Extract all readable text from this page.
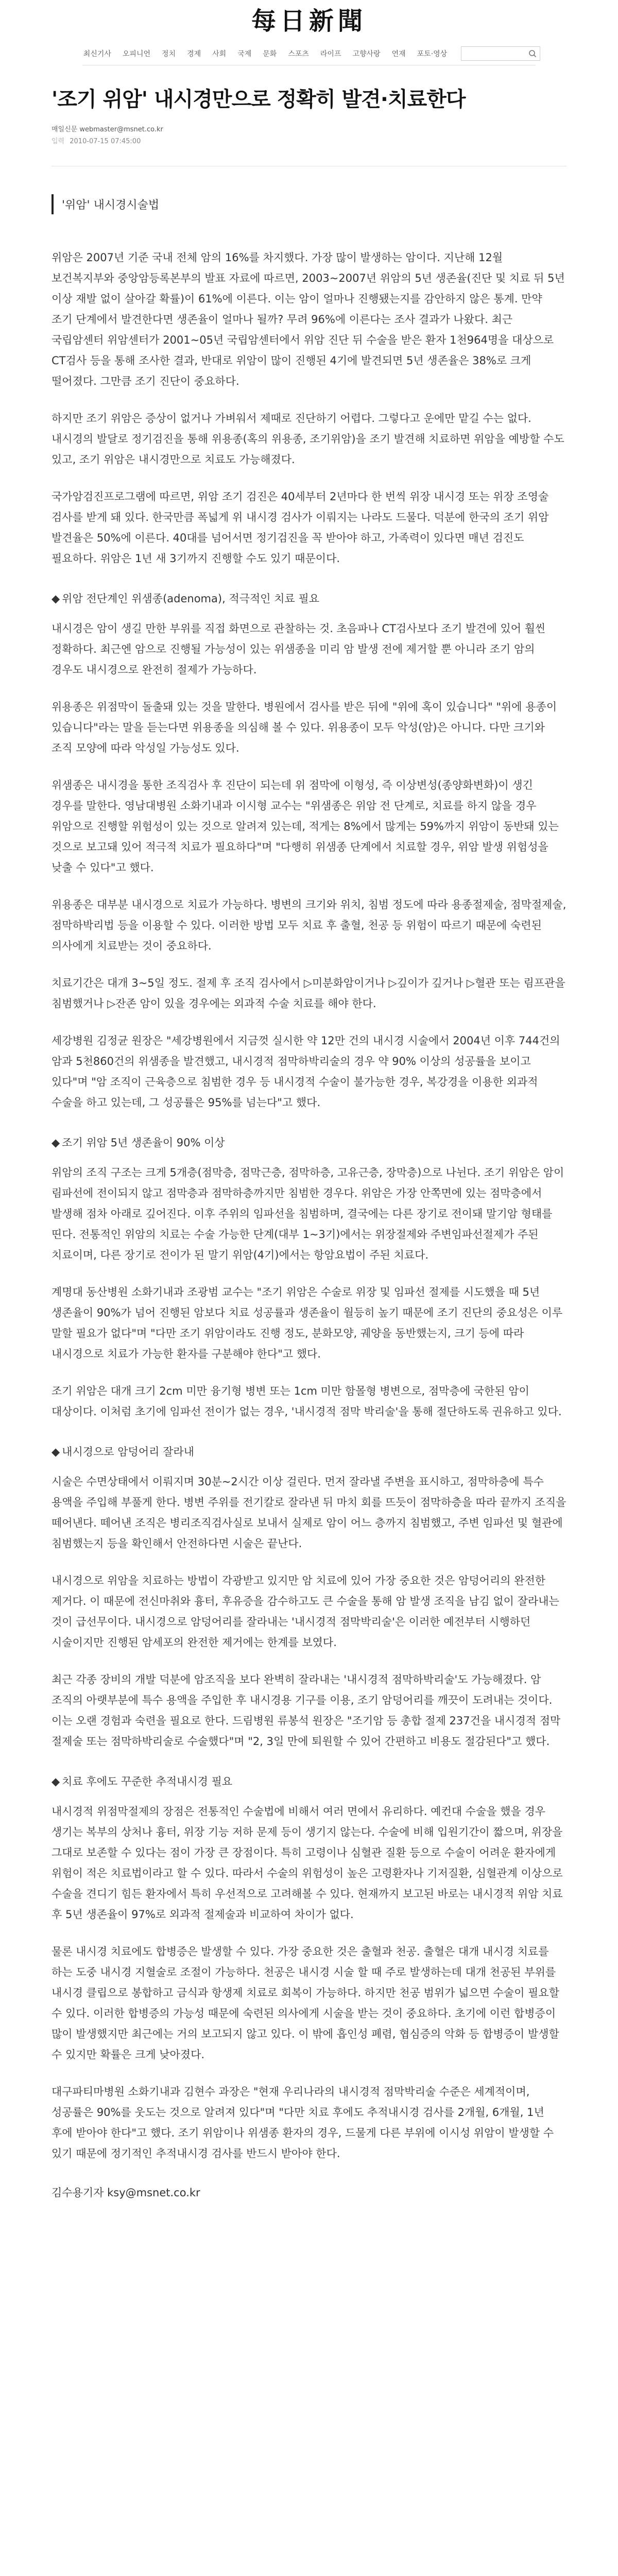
每日新聞
최신기사 오피니언 정치 경제 사회 국제 문화 스포츠 라이프 고향사랑 연재 포토·영상
'조기 위암' 내시경만으로 정확히 발견·치료한다
매일신문 webmaster@msnet.co.kr
입력 2010-07-15 07:45:00
'위암' 내시경시술법

위암은 2007년 기준 국내 전체 암의 16%를 차지했다. 가장 많이 발생하는 암이다. 지난해 12월 보건복지부와 중앙암등록본부의 발표 자료에 따르면, 2003~2007년 위암의 5년 생존율(진단 및 치료 뒤 5년 이상 재발 없이 살아갈 확률)이 61%에 이른다. 이는 암이 얼마나 진행됐는지를 감안하지 않은 통계. 만약 조기 단계에서 발견한다면 생존율이 얼마나 될까? 무려 96%에 이른다는 조사 결과가 나왔다. 최근 국립암센터 위암센터가 2001~05년 국립암센터에서 위암 진단 뒤 수술을 받은 환자 1천964명을 대상으로 CT검사 등을 통해 조사한 결과, 반대로 위암이 많이 진행된 4기에 발견되면 5년 생존율은 38%로 크게 떨어졌다. 그만큼 조기 진단이 중요하다.

하지만 조기 위암은 증상이 없거나 가벼워서 제때로 진단하기 어렵다. 그렇다고 운에만 맡길 수는 없다. 내시경의 발달로 정기검진을 통해 위용종(혹의 위용종, 조기위암)을 조기 발견해 치료하면 위암을 예방할 수도 있고, 조기 위암은 내시경만으로 치료도 가능해졌다.

국가암검진프로그램에 따르면, 위암 조기 검진은 40세부터 2년마다 한 번씩 위장 내시경 또는 위장 조영술 검사를 받게 돼 있다. 한국만큼 폭넓게 위 내시경 검사가 이뤄지는 나라도 드물다. 덕분에 한국의 조기 위암 발견율은 50%에 이른다. 40대를 넘어서면 정기검진을 꼭 받아야 하고, 가족력이 있다면 매년 검진도 필요하다. 위암은 1년 새 3기까지 진행할 수도 있기 때문이다.

◆ 위암 전단계인 위샘종(adenoma), 적극적인 치료 필요

내시경은 암이 생길 만한 부위를 직접 화면으로 관찰하는 것. 초음파나 CT검사보다 조기 발견에 있어 훨씬 정확하다. 최근엔 암으로 진행될 가능성이 있는 위샘종을 미리 암 발생 전에 제거할 뿐 아니라 조기 암의 경우도 내시경으로 완전히 절제가 가능하다.

위용종은 위점막이 돌출돼 있는 것을 말한다. 병원에서 검사를 받은 뒤에 "위에 혹이 있습니다" "위에 용종이 있습니다"라는 말을 듣는다면 위용종을 의심해 볼 수 있다. 위용종이 모두 악성(암)은 아니다. 다만 크기와 조직 모양에 따라 악성일 가능성도 있다.

위샘종은 내시경을 통한 조직검사 후 진단이 되는데 위 점막에 이형성, 즉 이상변성(종양화변화)이 생긴 경우를 말한다. 영남대병원 소화기내과 이시형 교수는 "위샘종은 위암 전 단계로, 치료를 하지 않을 경우 위암으로 진행할 위험성이 있는 것으로 알려져 있는데, 적게는 8%에서 많게는 59%까지 위암이 동반돼 있는 것으로 보고돼 있어 적극적 치료가 필요하다"며 "다행히 위샘종 단계에서 치료할 경우, 위암 발생 위험성을 낮출 수 있다"고 했다.

위용종은 대부분 내시경으로 치료가 가능하다. 병변의 크기와 위치, 침범 정도에 따라 용종절제술, 점막절제술, 점막하박리법 등을 이용할 수 있다. 이러한 방법 모두 치료 후 출혈, 천공 등 위험이 따르기 때문에 숙련된 의사에게 치료받는 것이 중요하다.

치료기간은 대개 3~5일 정도. 절제 후 조직 검사에서 ▷미분화암이거나 ▷깊이가 깊거나 ▷혈관 또는 림프관을 침범했거나 ▷잔존 암이 있을 경우에는 외과적 수술 치료를 해야 한다.

세강병원 김정균 원장은 "세강병원에서 지금껏 실시한 약 12만 건의 내시경 시술에서 2004년 이후 744건의 암과 5천860건의 위샘종을 발견했고, 내시경적 점막하박리술의 경우 약 90% 이상의 성공률을 보이고 있다"며 "암 조직이 근육층으로 침범한 경우 등 내시경적 수술이 불가능한 경우, 복강경을 이용한 외과적 수술을 하고 있는데, 그 성공률은 95%를 넘는다"고 했다.

◆ 조기 위암 5년 생존율이 90% 이상

위암의 조직 구조는 크게 5개층(점막층, 점막근층, 점막하층, 고유근층, 장막층)으로 나뉜다. 조기 위암은 암이 림파선에 전이되지 않고 점막층과 점막하층까지만 침범한 경우다. 위암은 가장 안쪽면에 있는 점막층에서 발생해 점차 아래로 깊어진다. 이후 주위의 임파선을 침범하며, 결국에는 다른 장기로 전이돼 말기암 형태를 띤다. 전통적인 위암의 치료는 수술 가능한 단계(대부 1~3기)에서는 위장절제와 주변임파선절제가 주된 치료이며, 다른 장기로 전이가 된 말기 위암(4기)에서는 항암요법이 주된 치료다.

계명대 동산병원 소화기내과 조광범 교수는 "조기 위암은 수술로 위장 및 임파선 절제를 시도했을 때 5년 생존율이 90%가 넘어 진행된 암보다 치료 성공률과 생존율이 월등히 높기 때문에 조기 진단의 중요성은 이루 말할 필요가 없다"며 "다만 조기 위암이라도 진행 정도, 분화모양, 궤양을 동반했는지, 크기 등에 따라 내시경으로 치료가 가능한 환자를 구분해야 한다"고 했다.

조기 위암은 대개 크기 2cm 미만 융기형 병변 또는 1cm 미만 함몰형 병변으로, 점막층에 국한된 암이 대상이다. 이처럼 초기에 임파선 전이가 없는 경우, '내시경적 점막 박리술'을 통해 절단하도록 권유하고 있다.

◆ 내시경으로 암덩어리 잘라내

시술은 수면상태에서 이뤄지며 30분~2시간 이상 걸린다. 먼저 잘라낼 주변을 표시하고, 점막하층에 특수 용액을 주입해 부풀게 한다. 병변 주위를 전기칼로 잘라낸 뒤 마치 회를 뜨듯이 점막하층을 따라 끝까지 조직을 떼어낸다. 떼어낸 조직은 병리조직검사실로 보내서 실제로 암이 어느 층까지 침범했고, 주변 임파선 및 혈관에 침범했는지 등을 확인해서 안전하다면 시술은 끝난다.

내시경으로 위암을 치료하는 방법이 각광받고 있지만 암 치료에 있어 가장 중요한 것은 암덩어리의 완전한 제거다. 이 때문에 전신마취와 흉터, 후유증을 감수하고도 큰 수술을 통해 암 발생 조직을 남김 없이 잘라내는 것이 급선무이다. 내시경으로 암덩어리를 잘라내는 '내시경적 점막박리술'은 이러한 예전부터 시행하던 시술이지만 진행된 암세포의 완전한 제거에는 한계를 보였다.

최근 각종 장비의 개발 덕분에 암조직을 보다 완벽히 잘라내는 '내시경적 점막하박리술'도 가능해졌다. 암 조직의 아랫부분에 특수 용액을 주입한 후 내시경용 기구를 이용, 조기 암덩어리를 깨끗이 도려내는 것이다. 이는 오랜 경험과 숙련을 필요로 한다. 드림병원 류봉석 원장은 "조기암 등 총합 절제 237건을 내시경적 점막 절제술 또는 점막하박리술로 수술했다"며 "2, 3일 만에 퇴원할 수 있어 간편하고 비용도 절감된다"고 했다.

◆ 치료 후에도 꾸준한 추적내시경 필요

내시경적 위점막절제의 장점은 전통적인 수술법에 비해서 여러 면에서 유리하다. 예컨대 수술을 했을 경우 생기는 복부의 상처나 흉터, 위장 기능 저하 문제 등이 생기지 않는다. 수술에 비해 입원기간이 짧으며, 위장을 그대로 보존할 수 있다는 점이 가장 큰 장점이다. 특히 고령이나 심혈관 질환 등으로 수술이 어려운 환자에게 위험이 적은 치료법이라고 할 수 있다. 따라서 수술의 위험성이 높은 고령환자나 기저질환, 심혈관계 이상으로 수술을 견디기 힘든 환자에서 특히 우선적으로 고려해볼 수 있다. 현재까지 보고된 바로는 내시경적 위암 치료 후 5년 생존율이 97%로 외과적 절제술과 비교하여 차이가 없다.

물론 내시경 치료에도 합병증은 발생할 수 있다. 가장 중요한 것은 출혈과 천공. 출혈은 대개 내시경 치료를 하는 도중 내시경 지혈술로 조절이 가능하다. 천공은 내시경 시술 할 때 주로 발생하는데 대개 천공된 부위를 내시경 클립으로 봉합하고 금식과 항생제 치료로 회복이 가능하다. 하지만 천공 범위가 넓으면 수술이 필요할 수 있다. 이러한 합병증의 가능성 때문에 숙련된 의사에게 시술을 받는 것이 중요하다. 초기에 이런 합병증이 많이 발생했지만 최근에는 거의 보고되지 않고 있다. 이 밖에 흡인성 폐렴, 협심증의 악화 등 합병증이 발생할 수 있지만 확률은 크게 낮아졌다.

대구파티마병원 소화기내과 김현수 과장은 "현재 우리나라의 내시경적 점막박리술 수준은 세계적이며, 성공률은 90%를 웃도는 것으로 알려져 있다"며 "다만 치료 후에도 추적내시경 검사를 2개월, 6개월, 1년 후에 받아야 한다"고 했다. 조기 위암이나 위샘종 환자의 경우, 드물게 다른 부위에 이시성 위암이 발생할 수 있기 때문에 정기적인 추적내시경 검사를 반드시 받아야 한다.

김수용기자 ksy@msnet.co.kr
